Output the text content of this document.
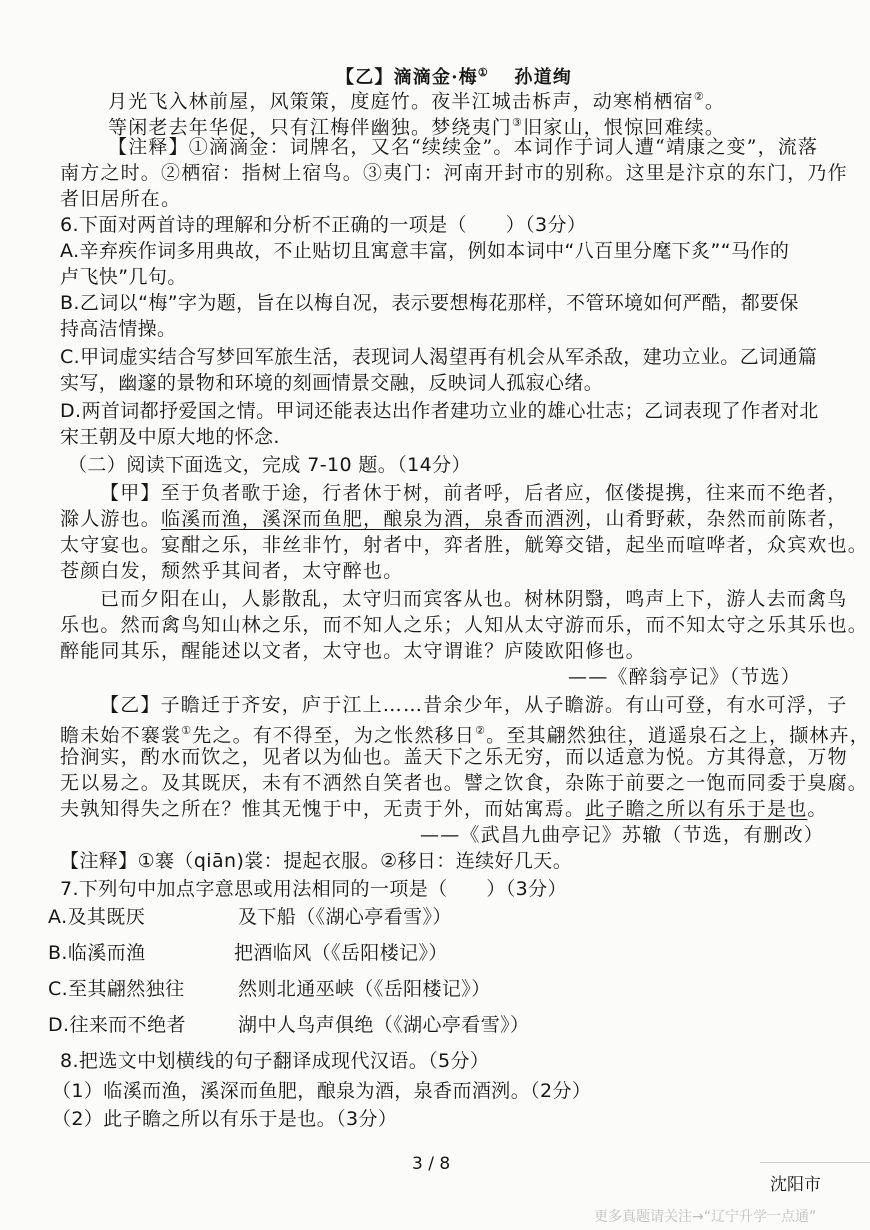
【乙】滴滴金·梅① 孙道绚
月光飞入林前屋，风策策，度庭竹。夜半江城击柝声，动寒梢栖宿②。
等闲老去年华促，只有江梅伴幽独。梦绕夷门③旧家山，恨惊回难续。
【注释】①滴滴金：词牌名，又名“续续金”。本词作于词人遭“靖康之变”，流落
南方之时。②栖宿：指树上宿鸟。③夷门：河南开封市的别称。这里是汴京的东门，乃作
者旧居所在。
6.下面对两首诗的理解和分析不正确的一项是（　　）（3分）
A.辛弃疾作词多用典故，不止贴切且寓意丰富，例如本词中“八百里分麾下炙”“马作的
卢飞快”几句。
B.乙词以“梅”字为题，旨在以梅自况，表示要想梅花那样，不管环境如何严酷，都要保
持高洁情操。
C.甲词虚实结合写梦回军旅生活，表现词人渴望再有机会从军杀敌，建功立业。乙词通篇
实写，幽邃的景物和环境的刻画情景交融，反映词人孤寂心绪。
D.两首词都抒爱国之情。甲词还能表达出作者建功立业的雄心壮志；乙词表现了作者对北
宋王朝及中原大地的怀念.
（二）阅读下面选文，完成 7-10 题。（14分）
【甲】至于负者歌于途，行者休于树，前者呼，后者应，伛偻提携，往来而不绝者，
滁人游也。临溪而渔，溪深而鱼肥，酿泉为酒，泉香而酒洌，山肴野蔌，杂然而前陈者，
太守宴也。宴酣之乐，非丝非竹，射者中，弈者胜，觥筹交错，起坐而喧哗者，众宾欢也。
苍颜白发，颓然乎其间者，太守醉也。
已而夕阳在山，人影散乱，太守归而宾客从也。树林阴翳，鸣声上下，游人去而禽鸟
乐也。然而禽鸟知山林之乐，而不知人之乐；人知从太守游而乐，而不知太守之乐其乐也。
醉能同其乐，醒能述以文者，太守也。太守谓谁？庐陵欧阳修也。
——《醉翁亭记》（节选）
【乙】子瞻迁于齐安，庐于江上……昔余少年，从子瞻游。有山可登，有水可浮，子
瞻未始不褰裳①先之。有不得至，为之怅然移日②。至其翩然独往，逍遥泉石之上，撷林卉，
拾涧实，酌水而饮之，见者以为仙也。盖天下之乐无穷，而以适意为悦。方其得意，万物
无以易之。及其既厌，未有不洒然自笑者也。譬之饮食，杂陈于前要之一饱而同委于臭腐。
夫孰知得失之所在？惟其无愧于中，无责于外，而姑寓焉。此子瞻之所以有乐于是也。
——《武昌九曲亭记》苏辙（节选，有删改）
【注释】①褰（qiān)裳：提起衣服。②移日：连续好几天。
7.下列句中加点字意思或用法相同的一项是（　　）（3分）
A.及其既厌	及下船（《湖心亭看雪》）
B.临溪而渔	把酒临风（《岳阳楼记》）
C.至其翩然独往	然则北通巫峡（《岳阳楼记》）
D.往来而不绝者	湖中人鸟声俱绝（《湖心亭看雪》）
8.把选文中划横线的句子翻译成现代汉语。（5分）
（1）临溪而渔，溪深而鱼肥，酿泉为酒，泉香而酒洌。（2分）
（2）此子瞻之所以有乐于是也。（3分）
3 / 8
沈阳市
更多真题请关注→“辽宁升学一点通”
